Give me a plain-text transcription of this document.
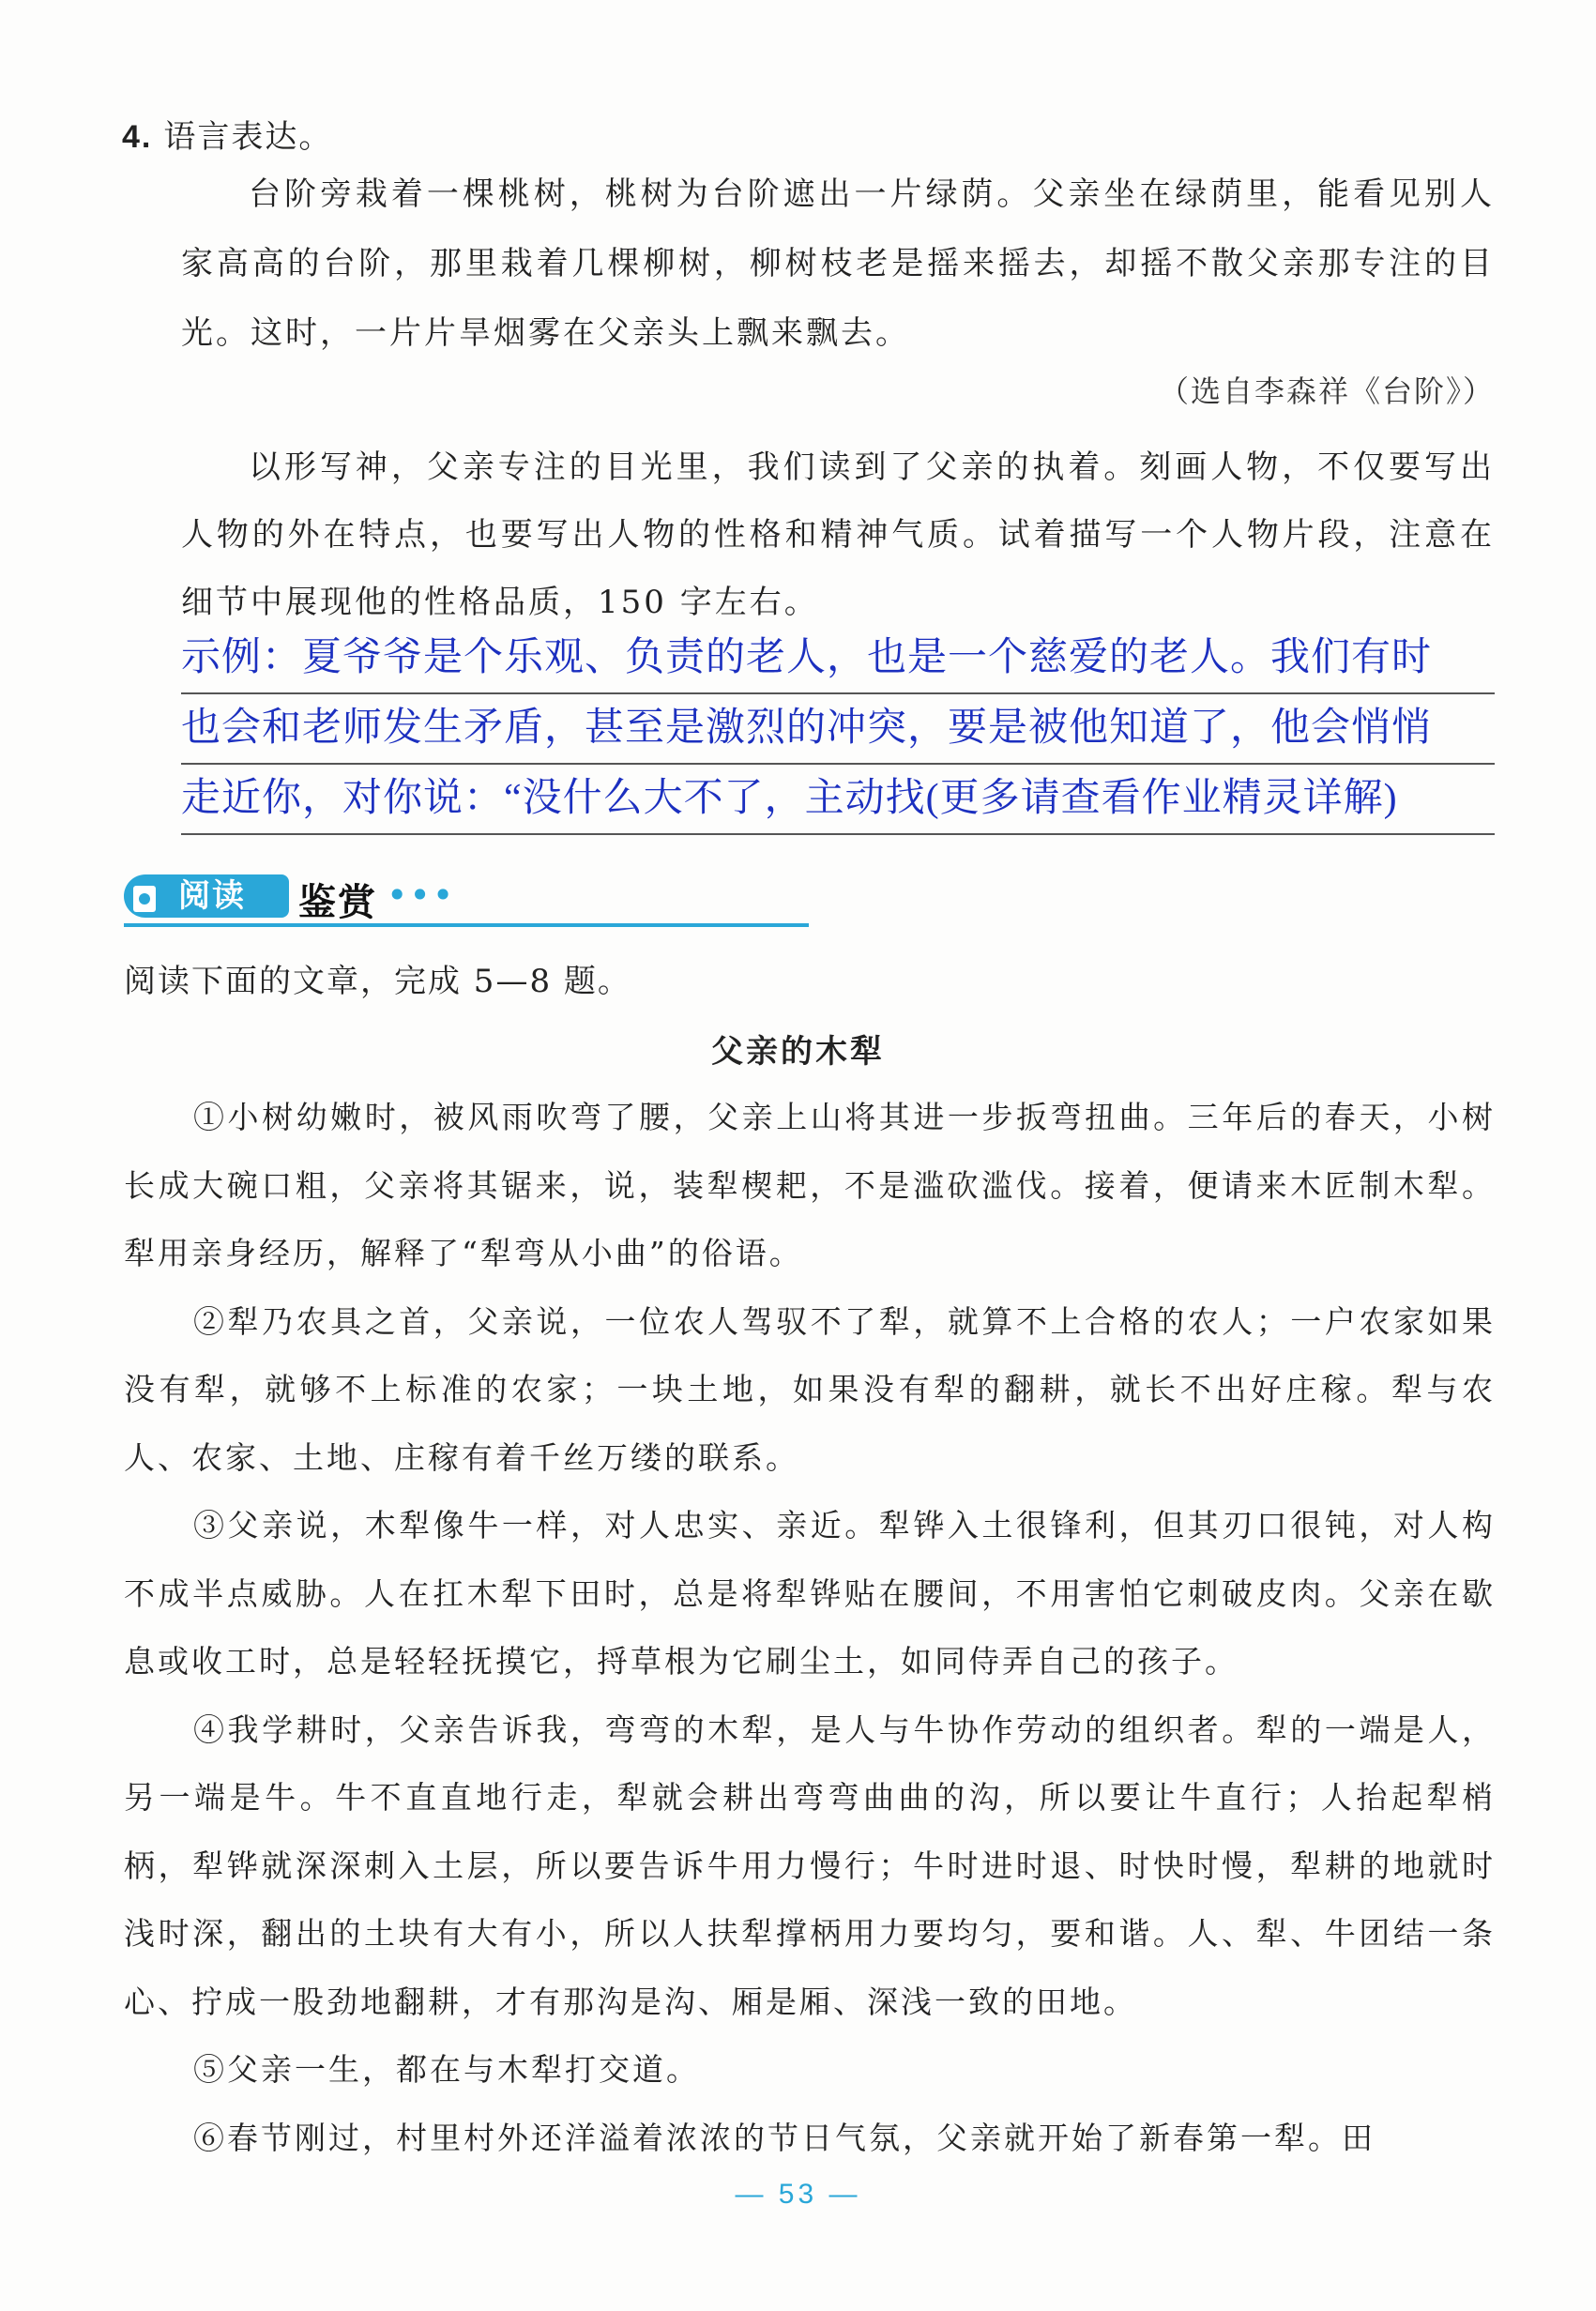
4. 语言表达。

台阶旁栽着一棵桃树，桃树为台阶遮出一片绿荫。父亲坐在绿荫里，能看见别人家高高的台阶，那里栽着几棵柳树，柳树枝老是摇来摇去，却摇不散父亲那专注的目光。这时，一片片旱烟雾在父亲头上飘来飘去。

（选自李森祥《台阶》）

以形写神，父亲专注的目光里，我们读到了父亲的执着。刻画人物，不仅要写出人物的外在特点，也要写出人物的性格和精神气质。试着描写一个人物片段，注意在细节中展现他的性格品质，150 字左右。

示例：夏爷爷是个乐观、负责的老人，也是一个慈爱的老人。我们有时
也会和老师发生矛盾，甚至是激烈的冲突，要是被他知道了，他会悄悄
走近你，对你说：“没什么大不了，主动找(更多请查看作业精灵详解)
阅读	鉴赏 •••
阅读下面的文章，完成 5—8 题。
父亲的木犁

①小树幼嫩时，被风雨吹弯了腰，父亲上山将其进一步扳弯扭曲。三年后的春天，小树长成大碗口粗，父亲将其锯来，说，装犁楔耙，不是滥砍滥伐。接着，便请来木匠制木犁。犁用亲身经历，解释了“犁弯从小曲”的俗语。

②犁乃农具之首，父亲说，一位农人驾驭不了犁，就算不上合格的农人；一户农家如果没有犁，就够不上标准的农家；一块土地，如果没有犁的翻耕，就长不出好庄稼。犁与农人、农家、土地、庄稼有着千丝万缕的联系。

③父亲说，木犁像牛一样，对人忠实、亲近。犁铧入土很锋利，但其刃口很钝，对人构不成半点威胁。人在扛木犁下田时，总是将犁铧贴在腰间，不用害怕它刺破皮肉。父亲在歇息或收工时，总是轻轻抚摸它，捋草根为它刷尘土，如同侍弄自己的孩子。

④我学耕时，父亲告诉我，弯弯的木犁，是人与牛协作劳动的组织者。犁的一端是人，另一端是牛。牛不直直地行走，犁就会耕出弯弯曲曲的沟，所以要让牛直行；人抬起犁梢柄，犁铧就深深刺入土层，所以要告诉牛用力慢行；牛时进时退、时快时慢，犁耕的地就时浅时深，翻出的土块有大有小，所以人扶犁撑柄用力要均匀，要和谐。人、犁、牛团结一条心、拧成一股劲地翻耕，才有那沟是沟、厢是厢、深浅一致的田地。

⑤父亲一生，都在与木犁打交道。

⑥春节刚过，村里村外还洋溢着浓浓的节日气氛，父亲就开始了新春第一犁。田

— 53 —
